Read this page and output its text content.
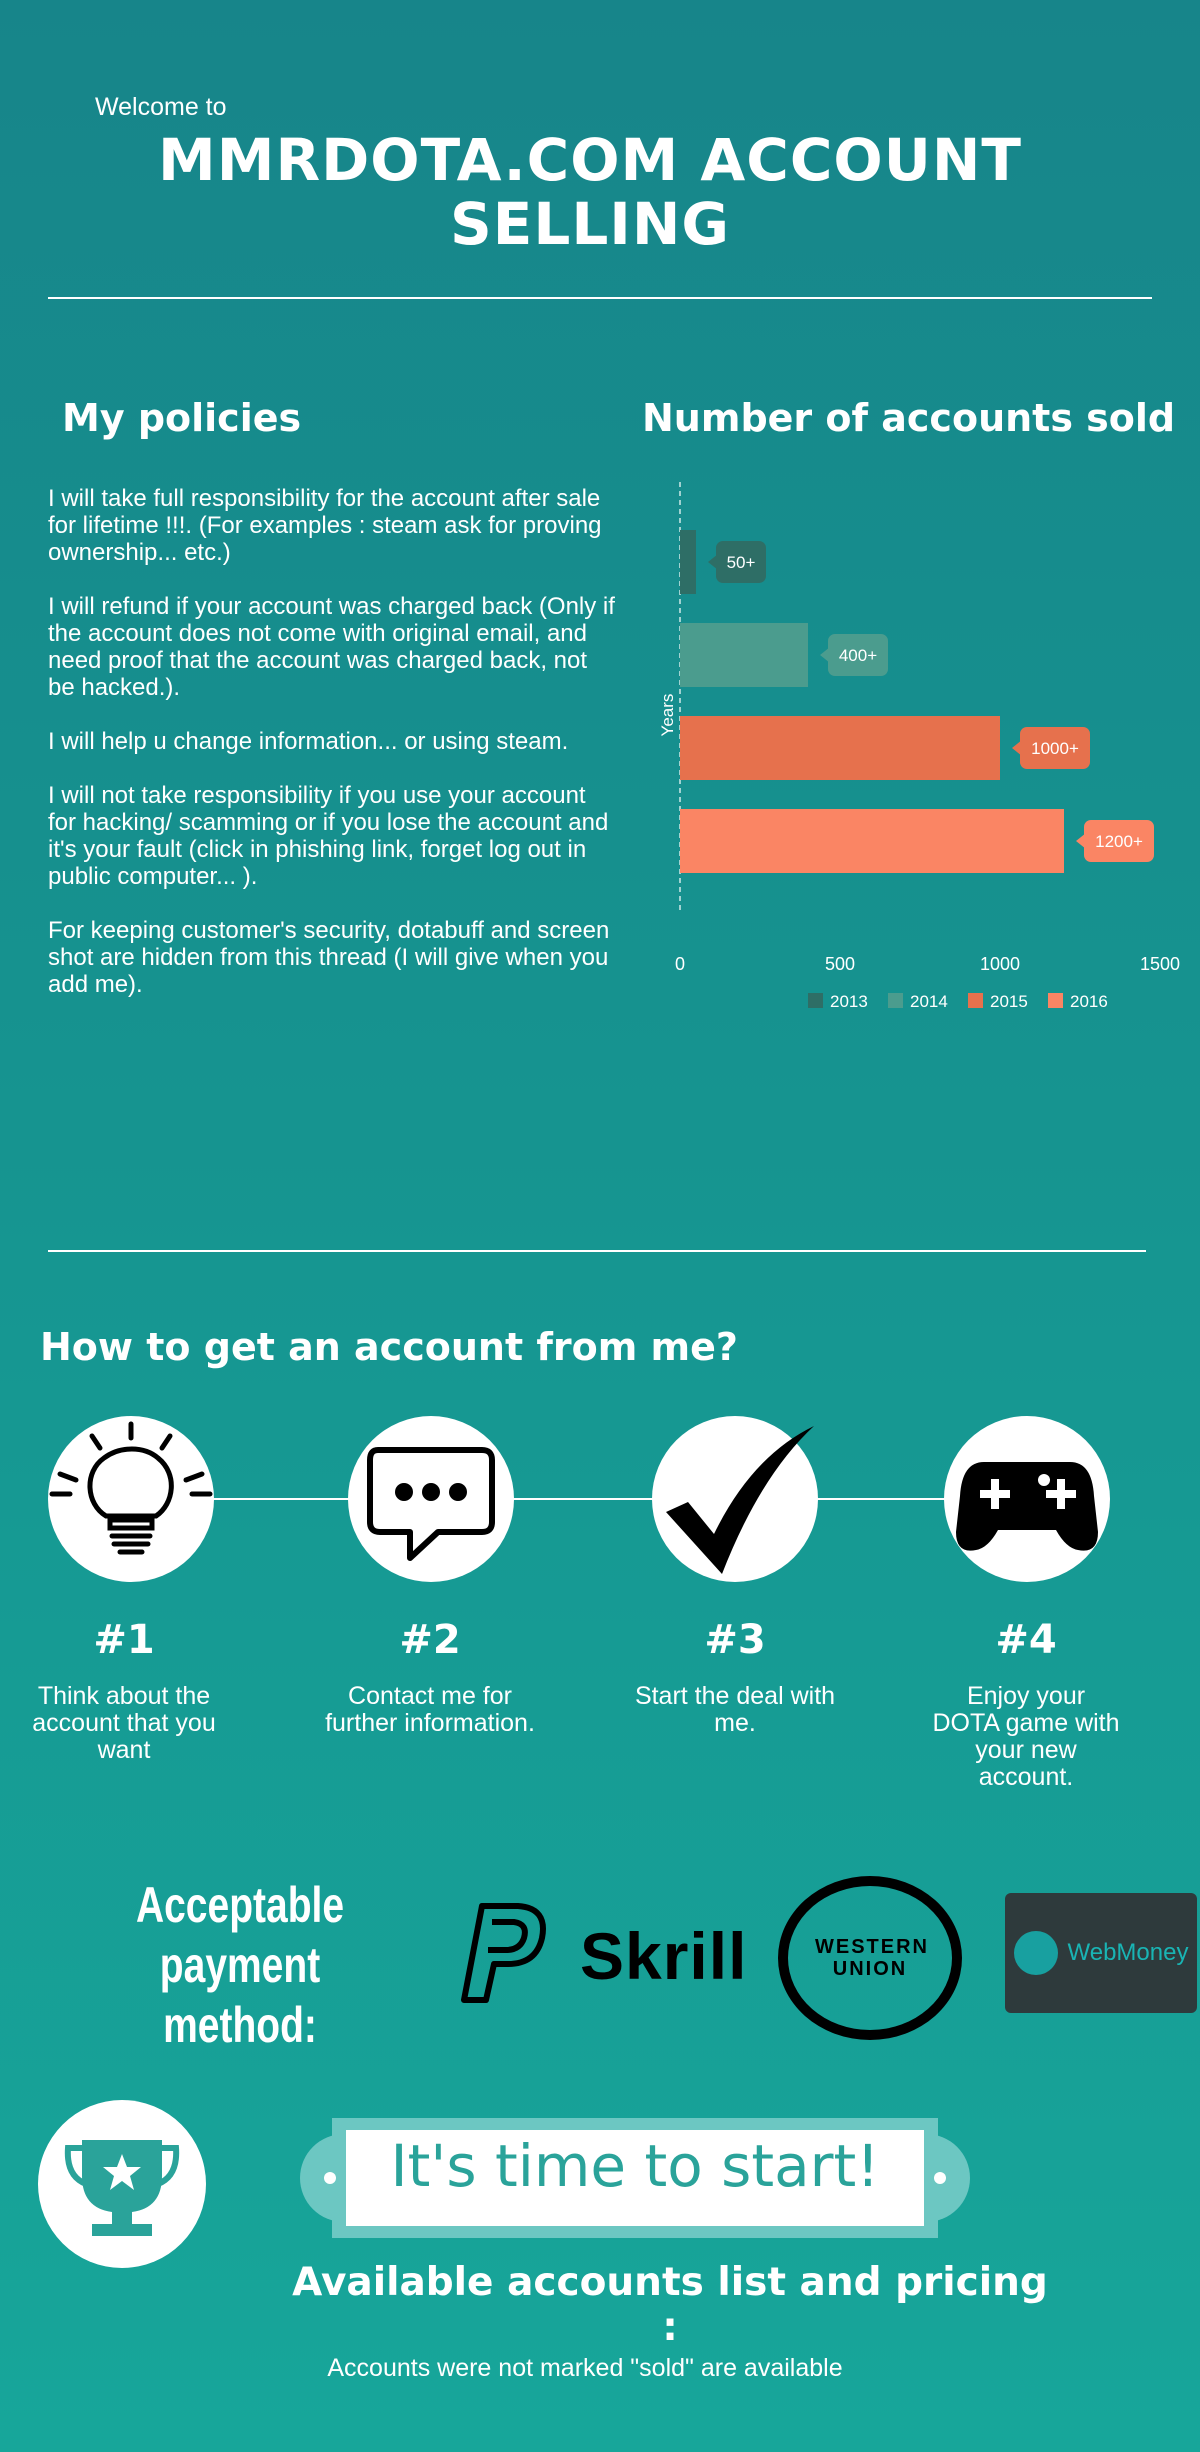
Welcome to
MMRDOTA.COM ACCOUNT SELLING
My policies

I will take full responsibility for the account after sale for lifetime !!!. (For examples : steam ask for proving ownership... etc.)

I will refund if your account was charged back (Only if the account does not come with original email, and need proof that the account was charged back, not be hacked.).

I will help u change information... or using steam.

I will not take responsibility if you use your account for hacking/ scamming or if you lose the account and it's your fault (click in phishing link, forget log out in public computer... ).

For keeping customer's security, dotabuff and screen shot are hidden from this thread (I will give when you add me).

Number of accounts sold
Years
50+
400+
1000+
1200+
0	500	1000	1500
2013 2014 2015 2016
How to get an account from me?
#1	#2	#3	#4
Think about the account that you want
Contact me for further information.
Start the deal with me.
Enjoy your DOTA game with your new account.
Acceptable payment method:
Skrill	WESTERN UNION
WebMoney
It's time to start!
Available accounts list and pricing :
Accounts were not marked "sold" are available
